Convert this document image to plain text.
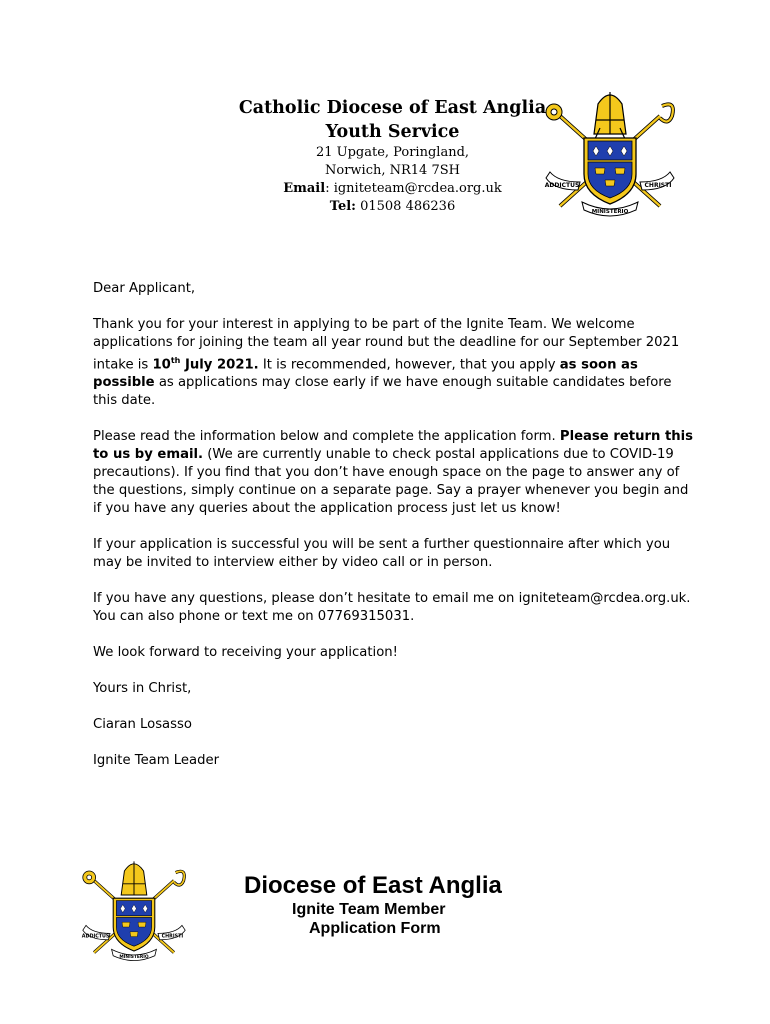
Catholic Diocese of East Anglia
Youth Service
21 Upgate, Poringland,
Norwich, NR14 7SH
Email: igniteteam@rcdea.org.uk
Tel: 01508 486236
ADDICTUS	CHRISTI
MINISTERIO

Dear Applicant,

Thank you for your interest in applying to be part of the Ignite Team. We welcome applications for joining the team all year round but the deadline for our September 2021 intake is 10th July 2021. It is recommended, however, that you apply as soon as possible as applications may close early if we have enough suitable candidates before this date.

Please read the information below and complete the application form. Please return this to us by email. (We are currently unable to check postal applications due to COVID-19 precautions). If you find that you don’t have enough space on the page to answer any of the questions, simply continue on a separate page. Say a prayer whenever you begin and if you have any queries about the application process just let us know!

If your application is successful you will be sent a further questionnaire after which you may be invited to interview either by video call or in person.

If you have any questions, please don’t hesitate to email me on igniteteam@rcdea.org.uk. You can also phone or text me on 07769315031.

We look forward to receiving your application!

Yours in Christ,

Ciaran Losasso

Ignite Team Leader

ADDICTUS	CHRISTI
MINISTERIO
Diocese of East Anglia
Ignite Team Member
Application Form
